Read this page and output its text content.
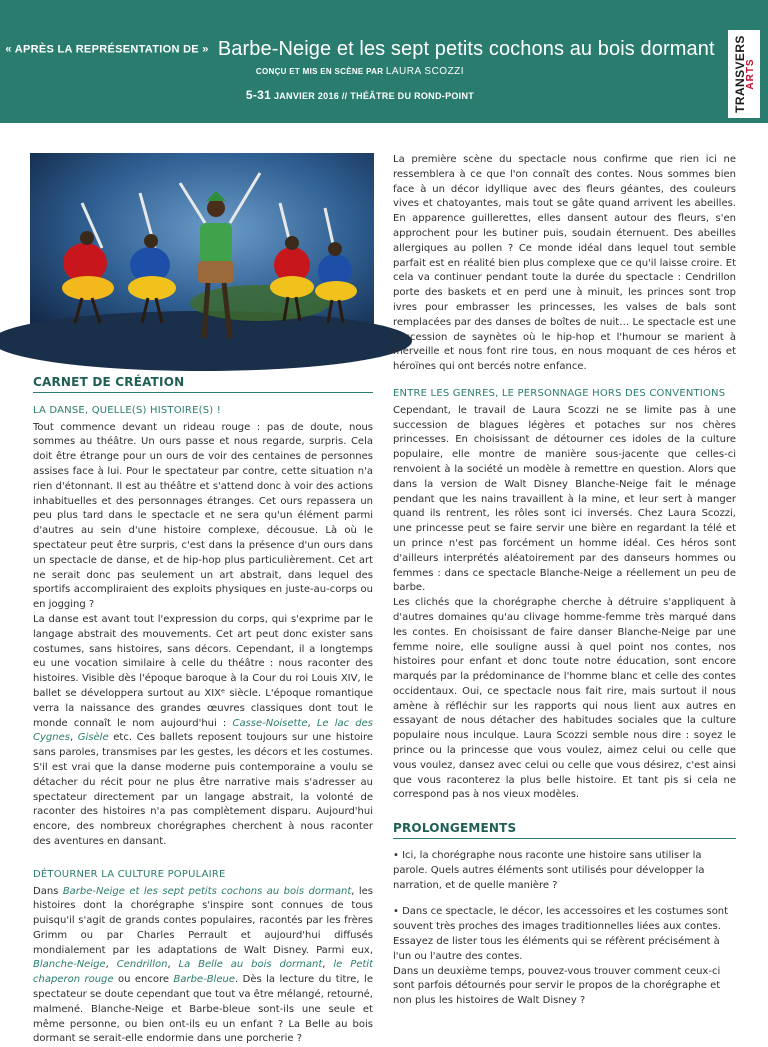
« APRÈS LA REPRÉSENTATION DE » Barbe-Neige et les sept petits cochons au bois dormant
CONÇU ET MIS EN SCÈNE PAR LAURA SCOZZI
5-31 JANVIER 2016 // THÉÂTRE DU ROND-POINT	TRANSVERS
ARTS
CARNET DE CRÉATION
LA DANSE, QUELLE(S) HISTOIRE(S) !

Tout commence devant un rideau rouge : pas de doute, nous sommes au théâtre. Un ours passe et nous regarde, surpris. Cela doit être étrange pour un ours de voir des centaines de personnes assises face à lui. Pour le spectateur par contre, cette situation n'a rien d'étonnant. Il est au théâtre et s'attend donc à voir des actions inhabituelles et des personnages étranges. Cet ours repassera un peu plus tard dans le spectacle et ne sera qu'un élément parmi d'autres au sein d'une histoire complexe, décousue. Là où le spectateur peut être surpris, c'est dans la présence d'un ours dans un spectacle de danse, et de hip-hop plus particulièrement. Cet art ne serait donc pas seulement un art abstrait, dans lequel des sportifs accompliraient des exploits physiques en juste-au-corps ou en jogging ?

La danse est avant tout l'expression du corps, qui s'exprime par le langage abstrait des mouvements. Cet art peut donc exister sans costumes, sans histoires, sans décors. Cependant, il a longtemps eu une vocation similaire à celle du théâtre : nous raconter des histoires. Visible dès l'époque baroque à la Cour du roi Louis XIV, le ballet se développera surtout au XIXᵉ siècle. L'époque romantique verra la naissance des grandes œuvres classiques dont tout le monde connaît le nom aujourd'hui : Casse-Noisette, Le lac des Cygnes, Gisèle etc. Ces ballets reposent toujours sur une histoire sans paroles, transmises par les gestes, les décors et les costumes. S'il est vrai que la danse moderne puis contemporaine a voulu se détacher du récit pour ne plus être narrative mais s'adresser au spectateur directement par un langage abstrait, la volonté de raconter des histoires n'a pas complètement disparu. Aujourd'hui encore, des nombreux chorégraphes cherchent à nous raconter des aventures en dansant.

DÉTOURNER LA CULTURE POPULAIRE

Dans Barbe-Neige et les sept petits cochons au bois dormant, les histoires dont la chorégraphe s'inspire sont connues de tous puisqu'il s'agit de grands contes populaires, racontés par les frères Grimm ou par Charles Perrault et aujourd'hui diffusés mondialement par les adaptations de Walt Disney. Parmi eux, Blanche-Neige, Cendrillon, La Belle au bois dormant, le Petit chaperon rouge ou encore Barbe-Bleue. Dès la lecture du titre, le spectateur se doute cependant que tout va être mélangé, retourné, malmené. Blanche-Neige et Barbe-bleue sont-ils une seule et même personne, ou bien ont-ils eu un enfant ? La Belle au bois dormant se serait-elle endormie dans une porcherie ?

La première scène du spectacle nous confirme que rien ici ne ressemblera à ce que l'on connaît des contes. Nous sommes bien face à un décor idyllique avec des fleurs géantes, des couleurs vives et chatoyantes, mais tout se gâte quand arrivent les abeilles. En apparence guillerettes, elles dansent autour des fleurs, s'en approchent pour les butiner puis, soudain éternuent. Des abeilles allergiques au pollen ? Ce monde idéal dans lequel tout semble parfait est en réalité bien plus complexe que ce qu'il laisse croire. Et cela va continuer pendant toute la durée du spectacle : Cendrillon porte des baskets et en perd une à minuit, les princes sont trop ivres pour embrasser les princesses, les valses de bals sont remplacées par des danses de boîtes de nuit… Le spectacle est une succession de saynètes où le hip-hop et l'humour se marient à merveille et nous font rire tous, en nous moquant de ces héros et héroïnes qui ont bercés notre enfance.

ENTRE LES GENRES, LE PERSONNAGE HORS DES CONVENTIONS

Cependant, le travail de Laura Scozzi ne se limite pas à une succession de blagues légères et potaches sur nos chères princesses. En choisissant de détourner ces idoles de la culture populaire, elle montre de manière sous-jacente que celles-ci renvoient à la société un modèle à remettre en question. Alors que dans la version de Walt Disney Blanche-Neige fait le ménage pendant que les nains travaillent à la mine, et leur sert à manger quand ils rentrent, les rôles sont ici inversés. Chez Laura Scozzi, une princesse peut se faire servir une bière en regardant la télé et un prince n'est pas forcément un homme idéal. Ces héros sont d'ailleurs interprétés aléatoirement par des danseurs hommes ou femmes : dans ce spectacle Blanche-Neige a réellement un peu de barbe.

Les clichés que la chorégraphe cherche à détruire s'appliquent à d'autres domaines qu'au clivage homme-femme très marqué dans les contes. En choisissant de faire danser Blanche-Neige par une femme noire, elle souligne aussi à quel point nos contes, nos histoires pour enfant et donc toute notre éducation, sont encore marqués par la prédominance de l'homme blanc et celle des contes occidentaux. Oui, ce spectacle nous fait rire, mais surtout il nous amène à réfléchir sur les rapports qui nous lient aux autres en essayant de nous détacher des habitudes sociales que la culture populaire nous inculque. Laura Scozzi semble nous dire : soyez le prince ou la princesse que vous voulez, aimez celui ou celle que vous voulez, dansez avec celui ou celle que vous désirez, c'est ainsi que vous raconterez la plus belle histoire. Et tant pis si cela ne correspond pas à nos vieux modèles.

PROLONGEMENTS

• Ici, la chorégraphe nous raconte une histoire sans utiliser la parole. Quels autres éléments sont utilisés pour développer la narration, et de quelle manière ?

• Dans ce spectacle, le décor, les accessoires et les costumes sont souvent très proches des images traditionnelles liées aux contes. Essayez de lister tous les éléments qui se réfèrent précisément à l'un ou l'autre des contes.

Dans un deuxième temps, pouvez-vous trouver comment ceux-ci sont parfois détournés pour servir le propos de la chorégraphe et non plus les histoires de Walt Disney ?
